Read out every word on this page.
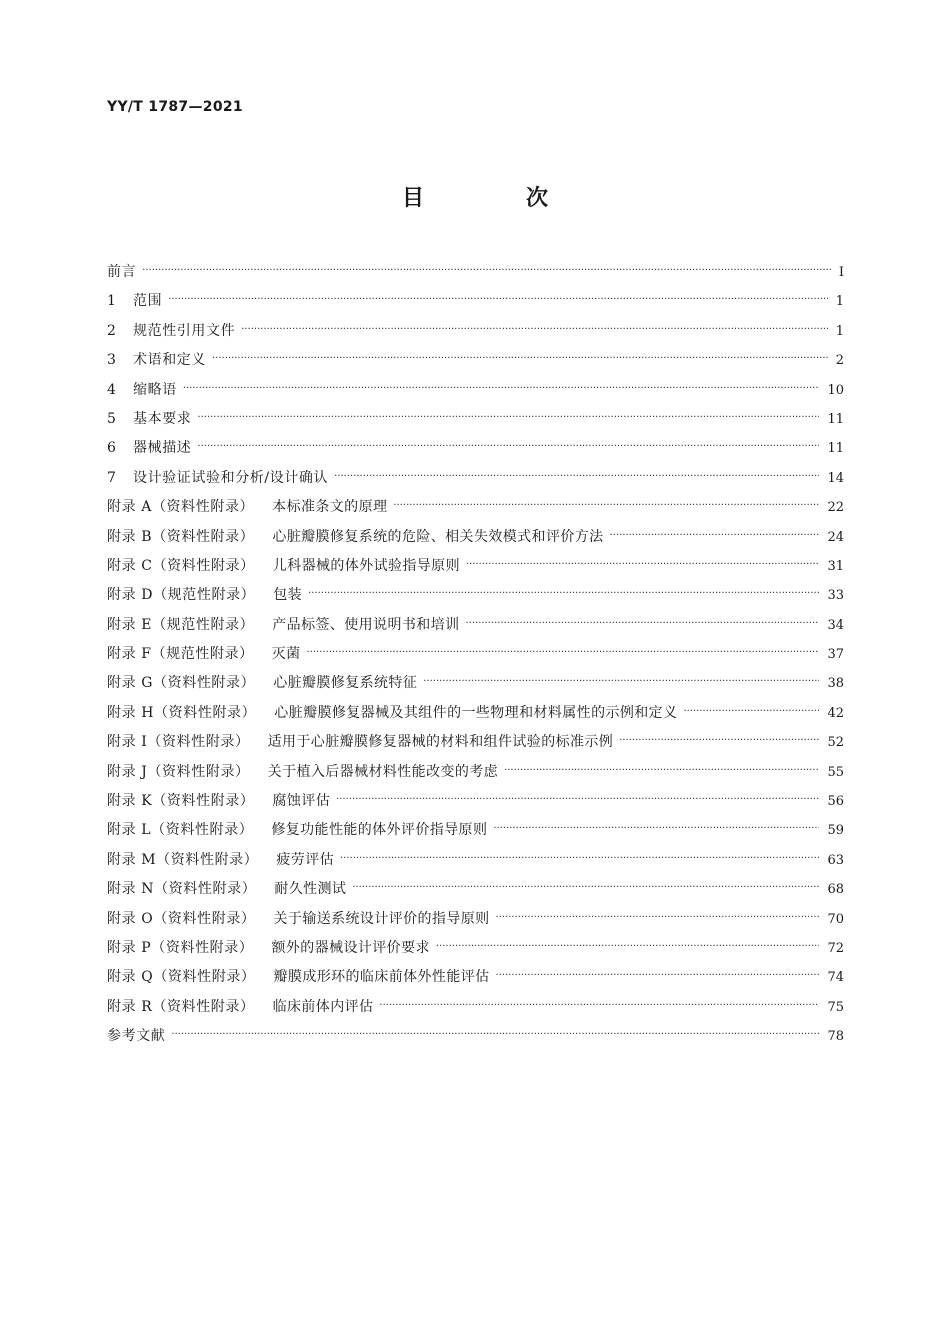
YY/T 1787—2021
目　次
前言 ·····	Ⅰ
1	范围 ·····	1
2	规范性引用文件 ·····	1
3	术语和定义 ·····	2
4	缩略语 ·····	10
5	基本要求 ·····	11
6	器械描述 ·····	11
7	设计验证试验和分析/设计确认 ·····	14
附录 A（资料性附录） 本标准条文的原理 ·····	22
附录 B（资料性附录） 心脏瓣膜修复系统的危险、相关失效模式和评价方法 ·····	24
附录 C（资料性附录） 儿科器械的体外试验指导原则 ·····	31
附录 D（规范性附录） 包装 ·····	33
附录 E（规范性附录） 产品标签、使用说明书和培训 ·····	34
附录 F（规范性附录） 灭菌 ·····	37
附录 G（资料性附录） 心脏瓣膜修复系统特征 ·····	38
附录 H（资料性附录） 心脏瓣膜修复器械及其组件的一些物理和材料属性的示例和定义 ·····	42
附录 I（资料性附录） 适用于心脏瓣膜修复器械的材料和组件试验的标准示例 ·····	52
附录 J（资料性附录） 关于植入后器械材料性能改变的考虑 ·····	55
附录 K（资料性附录） 腐蚀评估 ·····	56
附录 L（资料性附录） 修复功能性能的体外评价指导原则 ·····	59
附录 M（资料性附录） 疲劳评估 ·····	63
附录 N（资料性附录） 耐久性测试 ·····	68
附录 O（资料性附录） 关于输送系统设计评价的指导原则 ·····	70
附录 P（资料性附录） 额外的器械设计评价要求 ·····	72
附录 Q（资料性附录） 瓣膜成形环的临床前体外性能评估 ·····	74
附录 R（资料性附录） 临床前体内评估 ·····	75
参考文献 ·····	78
